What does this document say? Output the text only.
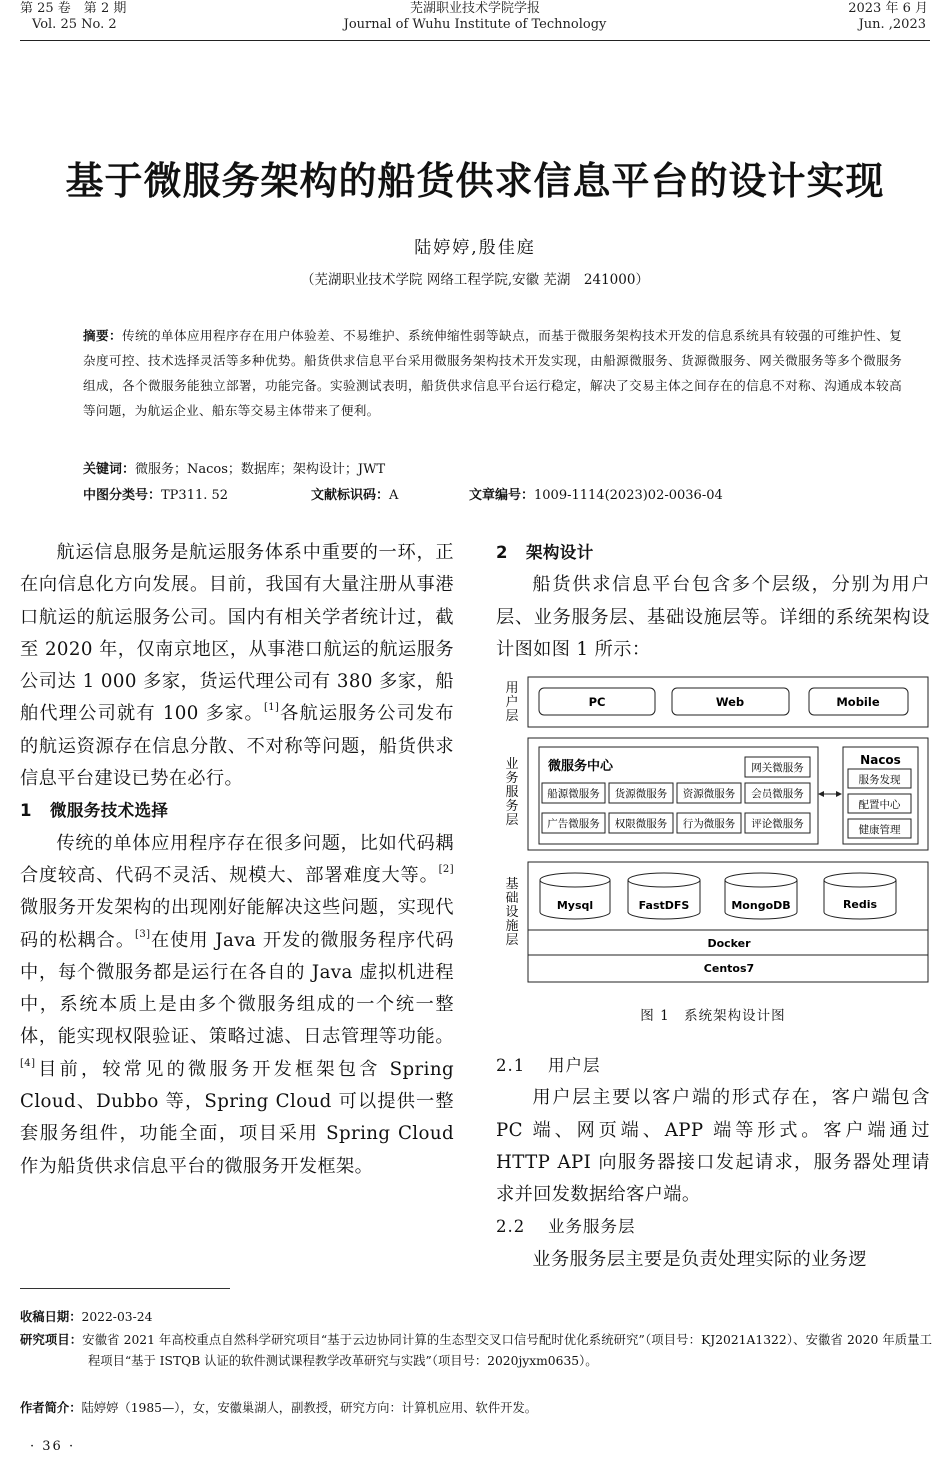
第 25 卷　第 2 期
Vol. 25 No. 2
芜湖职业技术学院学报
Journal of Wuhu Institute of Technology
2023 年 6 月
Jun. ,2023
基于微服务架构的船货供求信息平台的设计实现
陆婷婷,殷佳庭
（芜湖职业技术学院 网络工程学院,安徽 芜湖　241000）
摘要：传统的单体应用程序存在用户体验差、不易维护、系统伸缩性弱等缺点，而基于微服务架构技术开发的信息系统具有较强的可维护性、复杂度可控、技术选择灵活等多种优势。船货供求信息平台采用微服务架构技术开发实现，由船源微服务、货源微服务、网关微服务等多个微服务组成，各个微服务能独立部署，功能完备。实验测试表明，船货供求信息平台运行稳定，解决了交易主体之间存在的信息不对称、沟通成本较高等问题，为航运企业、船东等交易主体带来了便利。
关键词：微服务；Nacos；数据库；架构设计；JWT
中图分类号：TP311. 52	文献标识码：A	文章编号：1009-1114(2023)02-0036-04

航运信息服务是航运服务体系中重要的一环，正在向信息化方向发展。目前，我国有大量注册从事港口航运的航运服务公司。国内有相关学者统计过，截至 2020 年，仅南京地区，从事港口航运的航运服务公司达 1 000 多家，货运代理公司有 380 多家，船舶代理公司就有 100 多家。[1]各航运服务公司发布的航运资源存在信息分散、不对称等问题，船货供求信息平台建设已势在必行。

1 微服务技术选择

传统的单体应用程序存在很多问题，比如代码耦合度较高、代码不灵活、规模大、部署难度大等。[2]微服务开发架构的出现刚好能解决这些问题，实现代码的松耦合。[3]在使用 Java 开发的微服务程序代码中，每个微服务都是运行在各自的 Java 虚拟机进程中，系统本质上是由多个微服务组成的一个统一整体，能实现权限验证、策略过滤、日志管理等功能。[4]目前，较常见的微服务开发框架包含 Spring Cloud、Dubbo 等，Spring Cloud 可以提供一整套服务组件，功能全面，项目采用 Spring Cloud 作为船货供求信息平台的微服务开发框架。

2 架构设计

船货供求信息平台包含多个层级，分别为用户层、业务服务层、基础设施层等。详细的系统架构设计图如图 1 所示：

用
户
层
PC	Web	Mobile
业
务
服
务
层
微服务中心	网关微服务
船源微服务 货源微服务 资源微服务 会员微服务
广告微服务 权限微服务 行为微服务 评论微服务
Nacos
服务发现
配置中心
健康管理
基
础
设
施
层
Mysql	FastDFS	MongoDB	Redis
Docker
Centos7
图 1　系统架构设计图

2.1 用户层

用户层主要以客户端的形式存在，客户端包含 PC 端、网页端、APP 端等形式。客户端通过 HTTP API 向服务器接口发起请求，服务器处理请求并回发数据给客户端。

2.2 业务服务层

业务服务层主要是负责处理实际的业务逻

收稿日期：2022-03-24
研究项目：安徽省 2021 年高校重点自然科学研究项目“基于云边协同计算的生态型交叉口信号配时优化系统研究”（项目号：KJ2021A1322）、安徽省 2020 年质量工程项目“基于 ISTQB 认证的软件测试课程教学改革研究与实践”（项目号：2020jyxm0635）。
作者简介：陆婷婷（1985—），女，安徽巢湖人，副教授，研究方向：计算机应用、软件开发。
· 36 ·
